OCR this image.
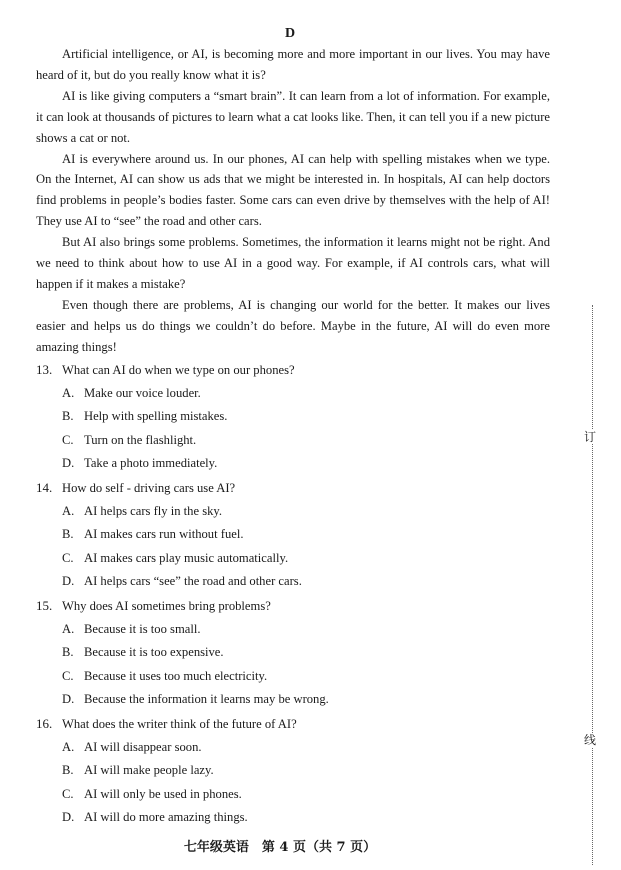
D

Artificial intelligence, or AI, is becoming more and more important in our lives. You may have heard of it, but do you really know what it is?

AI is like giving computers a “smart brain”. It can learn from a lot of information. For example, it can look at thousands of pictures to learn what a cat looks like. Then, it can tell you if a new picture shows a cat or not.

AI is everywhere around us. In our phones, AI can help with spelling mistakes when we type. On the Internet, AI can show us ads that we might be interested in. In hospitals, AI can help doctors find problems in people’s bodies faster. Some cars can even drive by themselves with the help of AI! They use AI to “see” the road and other cars.

But AI also brings some problems. Sometimes, the information it learns might not be right. And we need to think about how to use AI in a good way. For example, if AI controls cars, what will happen if it makes a mistake?

Even though there are problems, AI is changing our world for the better. It makes our lives easier and helps us do things we couldn’t do before. Maybe in the future, AI will do even more amazing things!

13. What can AI do when we type on our phones?
A. Make our voice louder.
B. Help with spelling mistakes.
C. Turn on the flashlight.
D. Take a photo immediately.
14. How do self - driving cars use AI?
A. AI helps cars fly in the sky.
B. AI makes cars run without fuel.
C. AI makes cars play music automatically.
D. AI helps cars “see” the road and other cars.
15. Why does AI sometimes bring problems?
A. Because it is too small.
B. Because it is too expensive.
C. Because it uses too much electricity.
D. Because the information it learns may be wrong.
16. What does the writer think of the future of AI?
A. AI will disappear soon.
B. AI will make people lazy.
C. AI will only be used in phones.
D. AI will do more amazing things.
订
线
七年级英语　第 4 页（共 7 页）
